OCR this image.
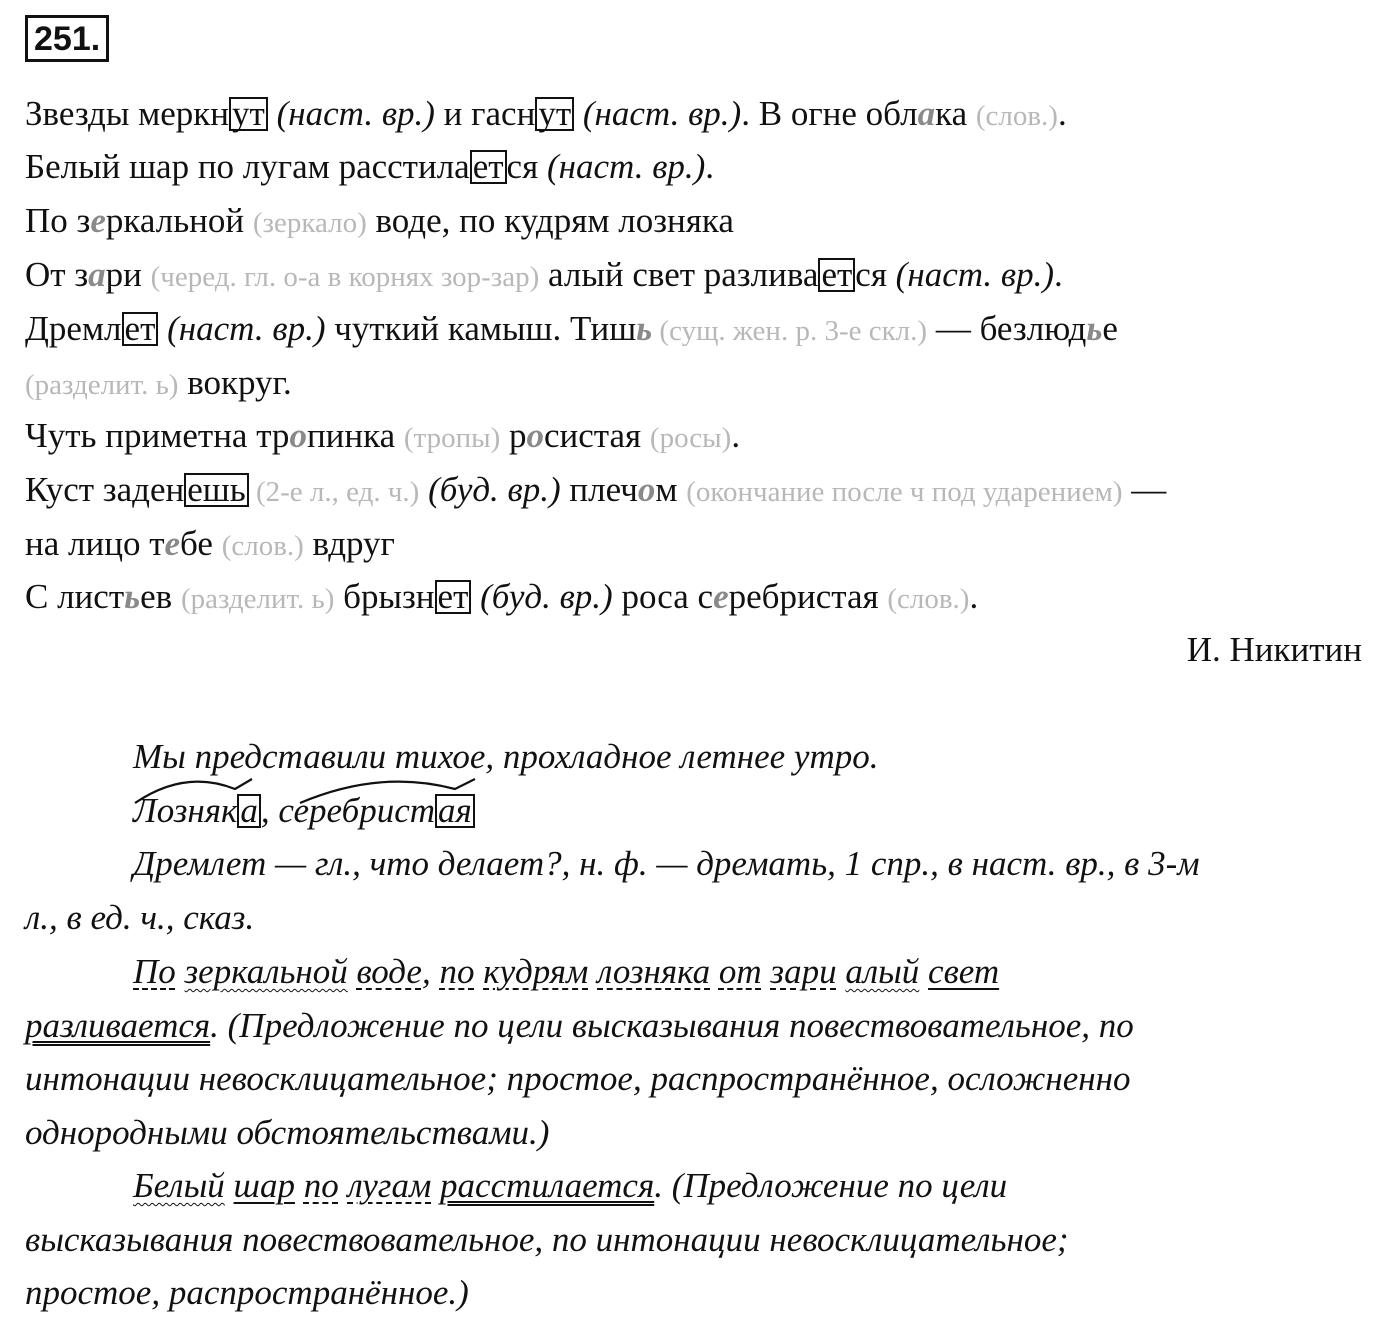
251.
Звезды меркнут (наст. вр.) и гаснут (наст. вр.). В огне облака (слов.).
Белый шар по лугам расстилается (наст. вр.).
По зеркальной (зеркало) воде, по кудрям лозняка
От зари (черед. гл. о-а в корнях зор-зар) алый свет разливается (наст. вр.).
Дремлет (наст. вр.) чуткий камыш. Тишь (сущ. жен. р. 3-е скл.) — безлюдье
(разделит. ь) вокруг.
Чуть приметна тропинка (тропы) росистая (росы).
Куст заденешь (2-е л., ед. ч.) (буд. вр.) плечом (окончание после ч под ударением) —
на лицо тебе (слов.) вдруг
С листьев (разделит. ь) брызнет (буд. вр.) роса серебристая (слов.).
И. Никитин
Мы представили тихое, прохладное летнее утро.
Лозняка, серебристая
Дремлет — гл., что делает?, н. ф. — дремать, 1 спр., в наст. вр., в 3-м
л., в ед. ч., сказ.
По зеркальной воде, по кудрям лозняка от зари алый свет
разливается. (Предложение по цели высказывания повествовательное, по
интонации невосклицательное; простое, распространённое, осложненно
однородными обстоятельствами.)
Белый шар по лугам расстилается. (Предложение по цели
высказывания повествовательное, по интонации невосклицательное;
простое, распространённое.)
